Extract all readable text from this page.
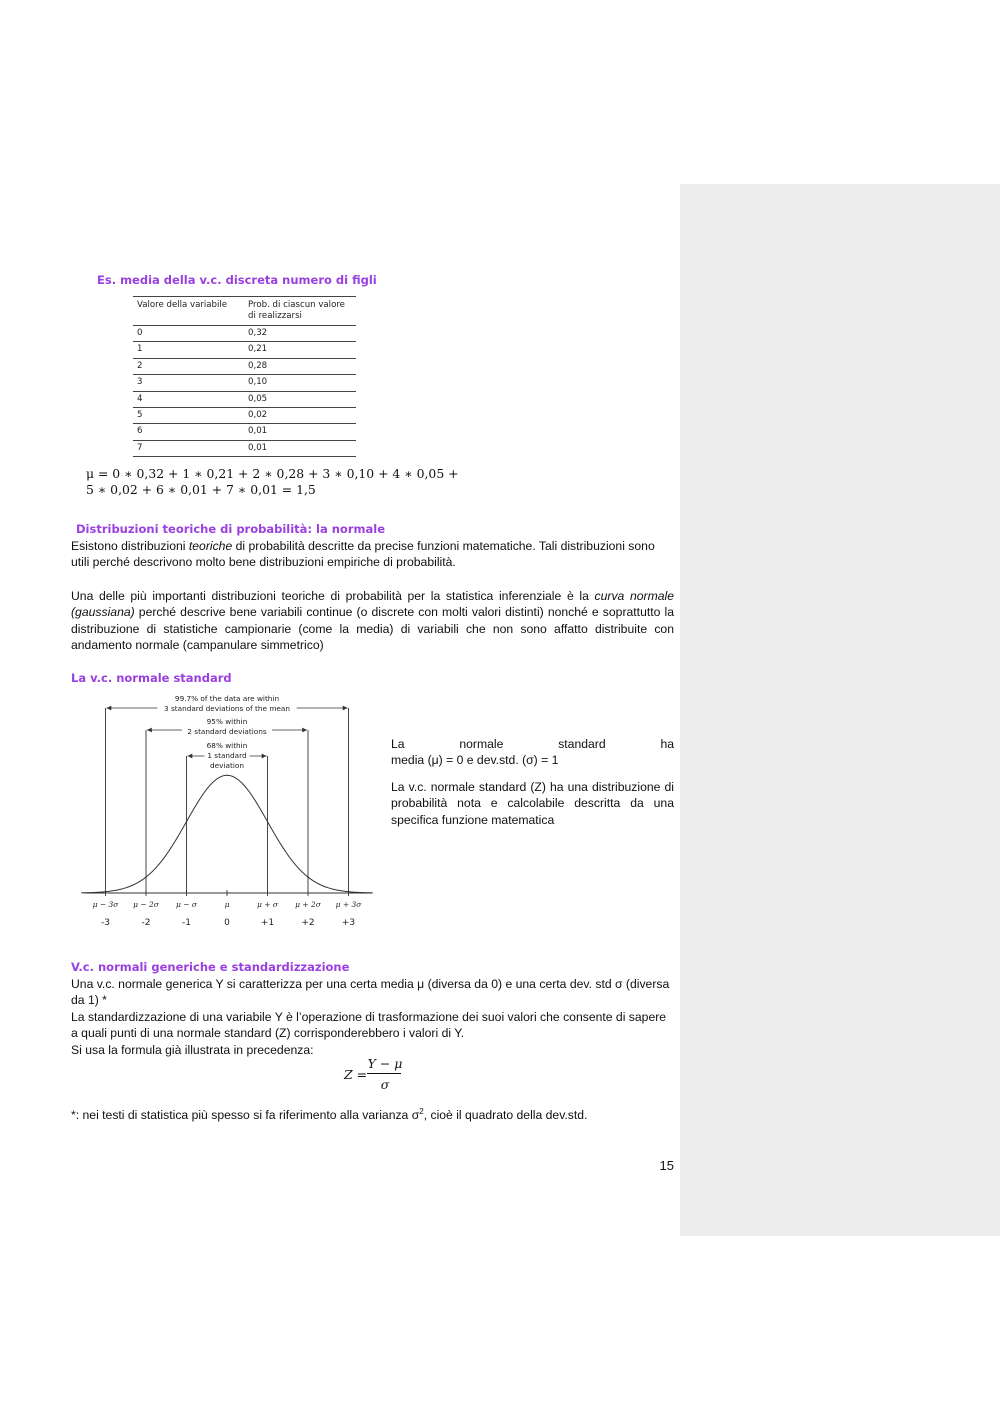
Es. media della v.c. discreta numero di figli
Valore della variabile	Prob. di ciascun valore di realizzarsi
0	0,32
1	0,21
2	0,28
3	0,10
4	0,05
5	0,02
6	0,01
7	0,01
μ = 0 ∗ 0,32 + 1 ∗ 0,21 + 2 ∗ 0,28 + 3 ∗ 0,10 + 4 ∗ 0,05 +
5 ∗ 0,02 + 6 ∗ 0,01 + 7 ∗ 0,01 = 1,5
Distribuzioni teoriche di probabilità: la normale

Esistono distribuzioni teoriche di probabilità descritte da precise funzioni matematiche. Tali distribuzioni sono utili perché descrivono molto bene distribuzioni empiriche di probabilità.

Una delle più importanti distribuzioni teoriche di probabilità per la statistica inferenziale è la curva normale (gaussiana) perché descrive bene variabili continue (o discrete con molti valori distinti) nonché e soprattutto la distribuzione di statistiche campionarie (come la media) di variabili che non sono affatto distribuite con
andamento normale (campanulare simmetrico)
La v.c. normale standard
99.7% of the data are within
3 standard deviations of the mean
95% within
2 standard deviations
68% within
1 standard
deviation
μ − 3σ
-3
μ − 2σ
-2
μ − σ
-1
μ
0
μ + σ
+1
μ + 2σ
+2
μ + 3σ
+3
La normale standard ha
media (μ) = 0 e dev.std. (σ) = 1

La v.c. normale standard (Z) ha una distribuzione di probabilità nota e calcolabile descritta da una specifica funzione matematica

V.c. normali generiche e standardizzazione

Una v.c. normale generica Y si caratterizza per una certa media μ (diversa da 0) e una certa dev. std σ (diversa da 1) *

La standardizzazione di una variabile Y è l’operazione di trasformazione dei suoi valori che consente di sapere a quali punti di una normale standard (Z) corrisponderebbero i valori di Y.

Si usa la formula già illustrata in precedenza:

Z =
Y − μ
σ

*: nei testi di statistica più spesso si fa riferimento alla varianza $\sigma^2$, cioè il quadrato della dev.std.

15
